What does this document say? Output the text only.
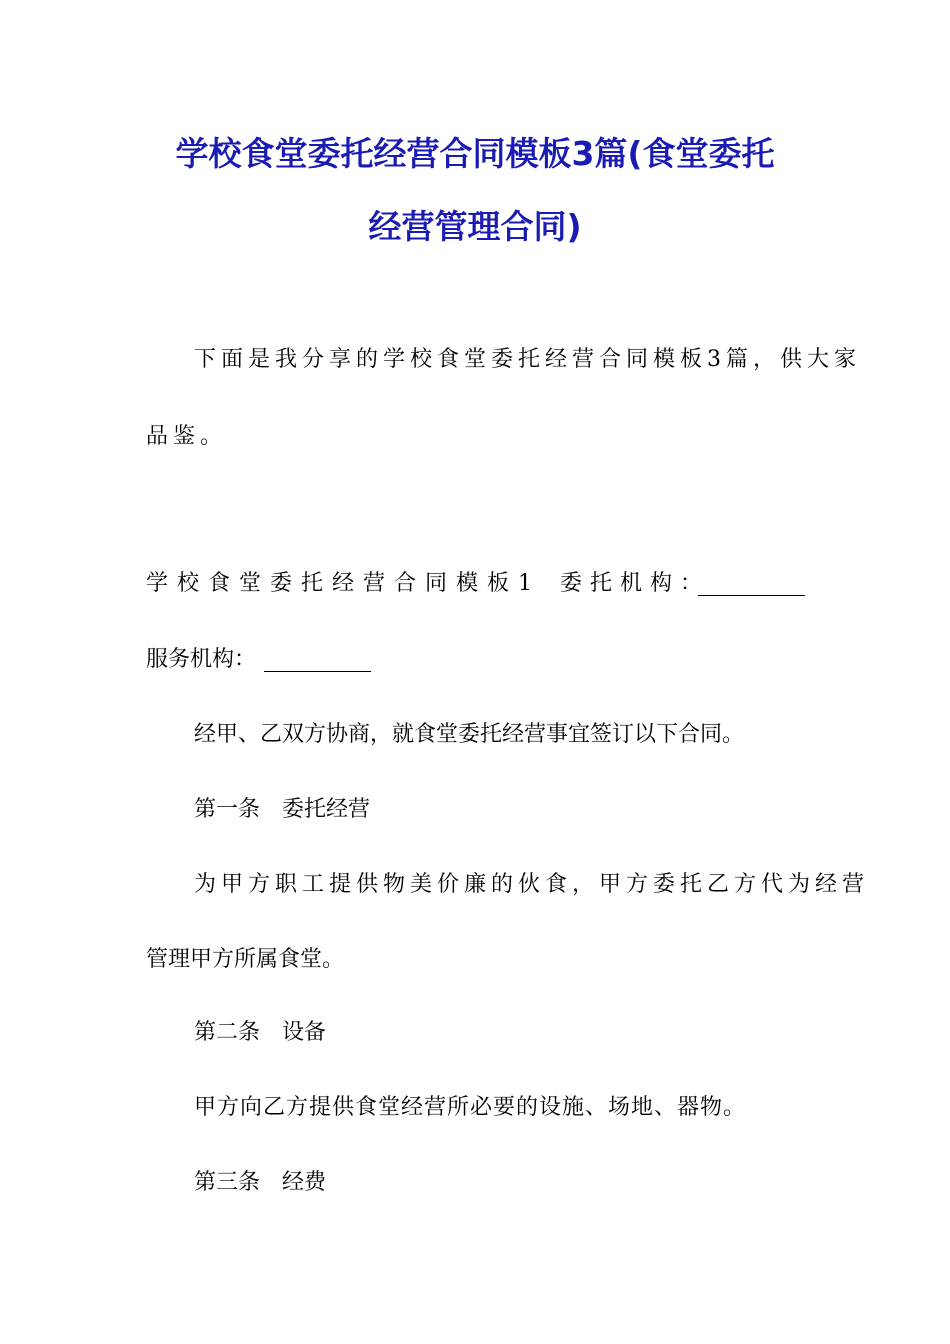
学校食堂委托经营合同模板3篇(食堂委托
经营管理合同)
下面是我分享的学校食堂委托经营合同模板3篇，供大家
品鉴。
学校食堂委托经营合同模板1 委托机构：
服务机构：
经甲、乙双方协商，就食堂委托经营事宜签订以下合同。
第一条　委托经营
为甲方职工提供物美价廉的伙食，甲方委托乙方代为经营
管理甲方所属食堂。
第二条　设备
甲方向乙方提供食堂经营所必要的设施、场地、器物。
第三条　经费
